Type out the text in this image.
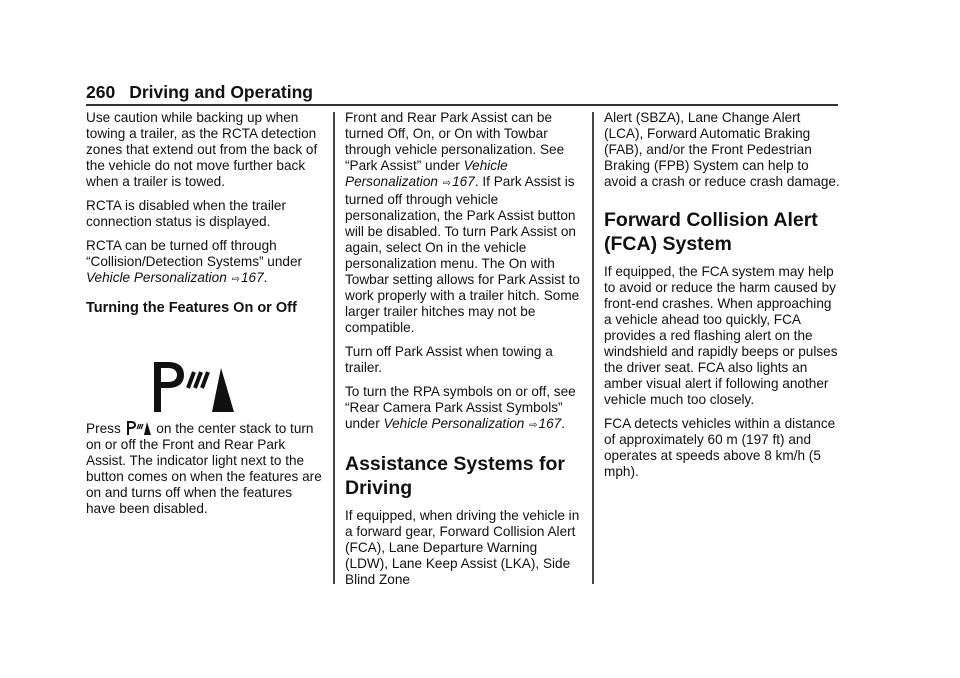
260 Driving and Operating

Use caution while backing up when towing a trailer, as the RCTA detection zones that extend out from the back of the vehicle do not move further back when a trailer is towed.

RCTA is disabled when the trailer connection status is displayed.

RCTA can be turned off through “Collision/Detection Systems” under Vehicle Personalization ⇨167.

Turning the Features On or Off

Press  on the center stack to turn on or off the Front and Rear Park Assist. The indicator light next to the button comes on when the features are on and turns off when the features have been disabled.

Front and Rear Park Assist can be turned Off, On, or On with Towbar through vehicle personalization. See “Park Assist” under Vehicle Personalization ⇨167. If Park Assist is turned off through vehicle personalization, the Park Assist button will be disabled. To turn Park Assist on again, select On in the vehicle personalization menu. The On with Towbar setting allows for Park Assist to work properly with a trailer hitch. Some larger trailer hitches may not be compatible.

Turn off Park Assist when towing a trailer.

To turn the RPA symbols on or off, see “Rear Camera Park Assist Symbols” under Vehicle Personalization ⇨167.

Assistance Systems for Driving

If equipped, when driving the vehicle in a forward gear, Forward Collision Alert (FCA), Lane Departure Warning (LDW), Lane Keep Assist (LKA), Side Blind Zone

Alert (SBZA), Lane Change Alert (LCA), Forward Automatic Braking (FAB), and/or the Front Pedestrian Braking (FPB) System can help to avoid a crash or reduce crash damage.

Forward Collision Alert (FCA) System

If equipped, the FCA system may help to avoid or reduce the harm caused by front-end crashes. When approaching a vehicle ahead too quickly, FCA provides a red flashing alert on the windshield and rapidly beeps or pulses the driver seat. FCA also lights an amber visual alert if following another vehicle much too closely.

FCA detects vehicles within a distance of approximately 60 m (197 ft) and operates at speeds above 8 km/h (5 mph).
